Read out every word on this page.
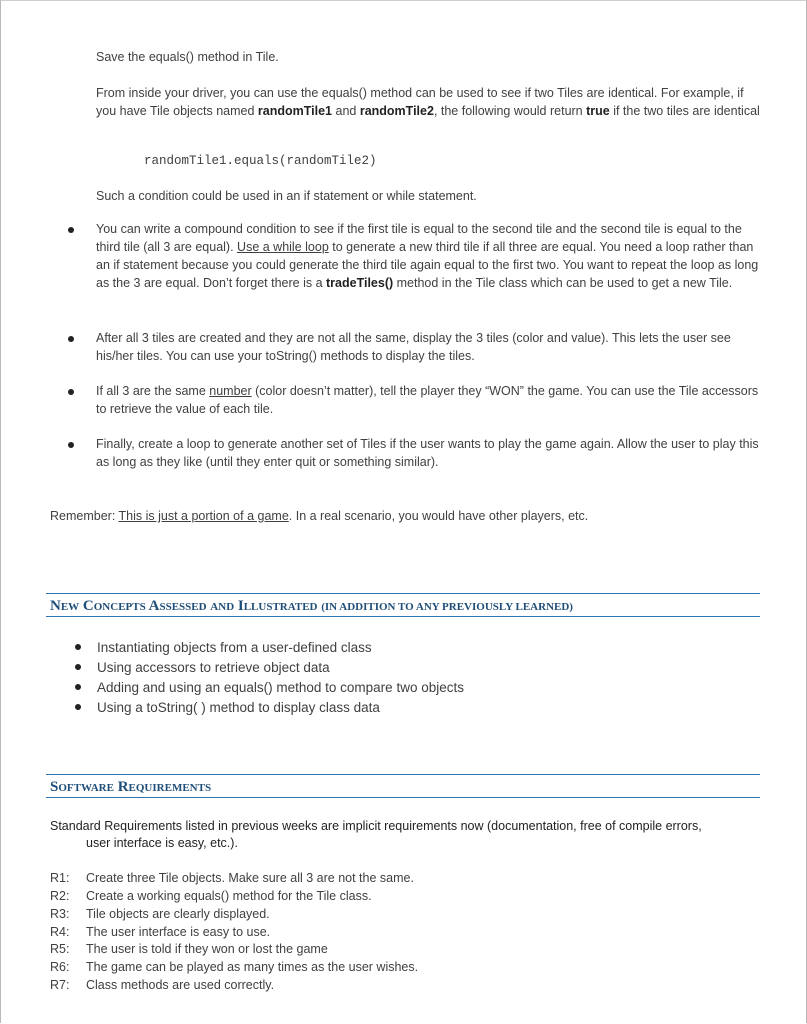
Save the equals() method in Tile.
From inside your driver, you can use the equals() method can be used to see if two Tiles are identical. For example, if you have Tile objects named randomTile1 and randomTile2, the following would return true if the two tiles are identical
randomTile1.equals(randomTile2)
Such a condition could be used in an if statement or while statement.
You can write a compound condition to see if the first tile is equal to the second tile and the second tile is equal to the third tile (all 3 are equal). Use a while loop to generate a new third tile if all three are equal. You need a loop rather than an if statement because you could generate the third tile again equal to the first two. You want to repeat the loop as long as the 3 are equal. Don’t forget there is a tradeTiles() method in the Tile class which can be used to get a new Tile.
After all 3 tiles are created and they are not all the same, display the 3 tiles (color and value). This lets the user see his/her tiles. You can use your toString() methods to display the tiles.
If all 3 are the same number (color doesn’t matter), tell the player they “WON” the game. You can use the Tile accessors to retrieve the value of each tile.
Finally, create a loop to generate another set of Tiles if the user wants to play the game again. Allow the user to play this as long as they like (until they enter quit or something similar).
Remember: This is just a portion of a game. In a real scenario, you would have other players, etc.
New Concepts Assessed and Illustrated (IN ADDITION TO ANY PREVIOUSLY LEARNED)
Instantiating objects from a user-defined class
Using accessors to retrieve object data
Adding and using an equals() method to compare two objects
Using a toString( ) method to display class data
Software Requirements
Standard Requirements listed in previous weeks are implicit requirements now (documentation, free of compile errors,
user interface is easy, etc.).
R1: Create three Tile objects. Make sure all 3 are not the same.
R2: Create a working equals() method for the Tile class.
R3: Tile objects are clearly displayed.
R4: The user interface is easy to use.
R5: The user is told if they won or lost the game
R6: The game can be played as many times as the user wishes.
R7: Class methods are used correctly.
